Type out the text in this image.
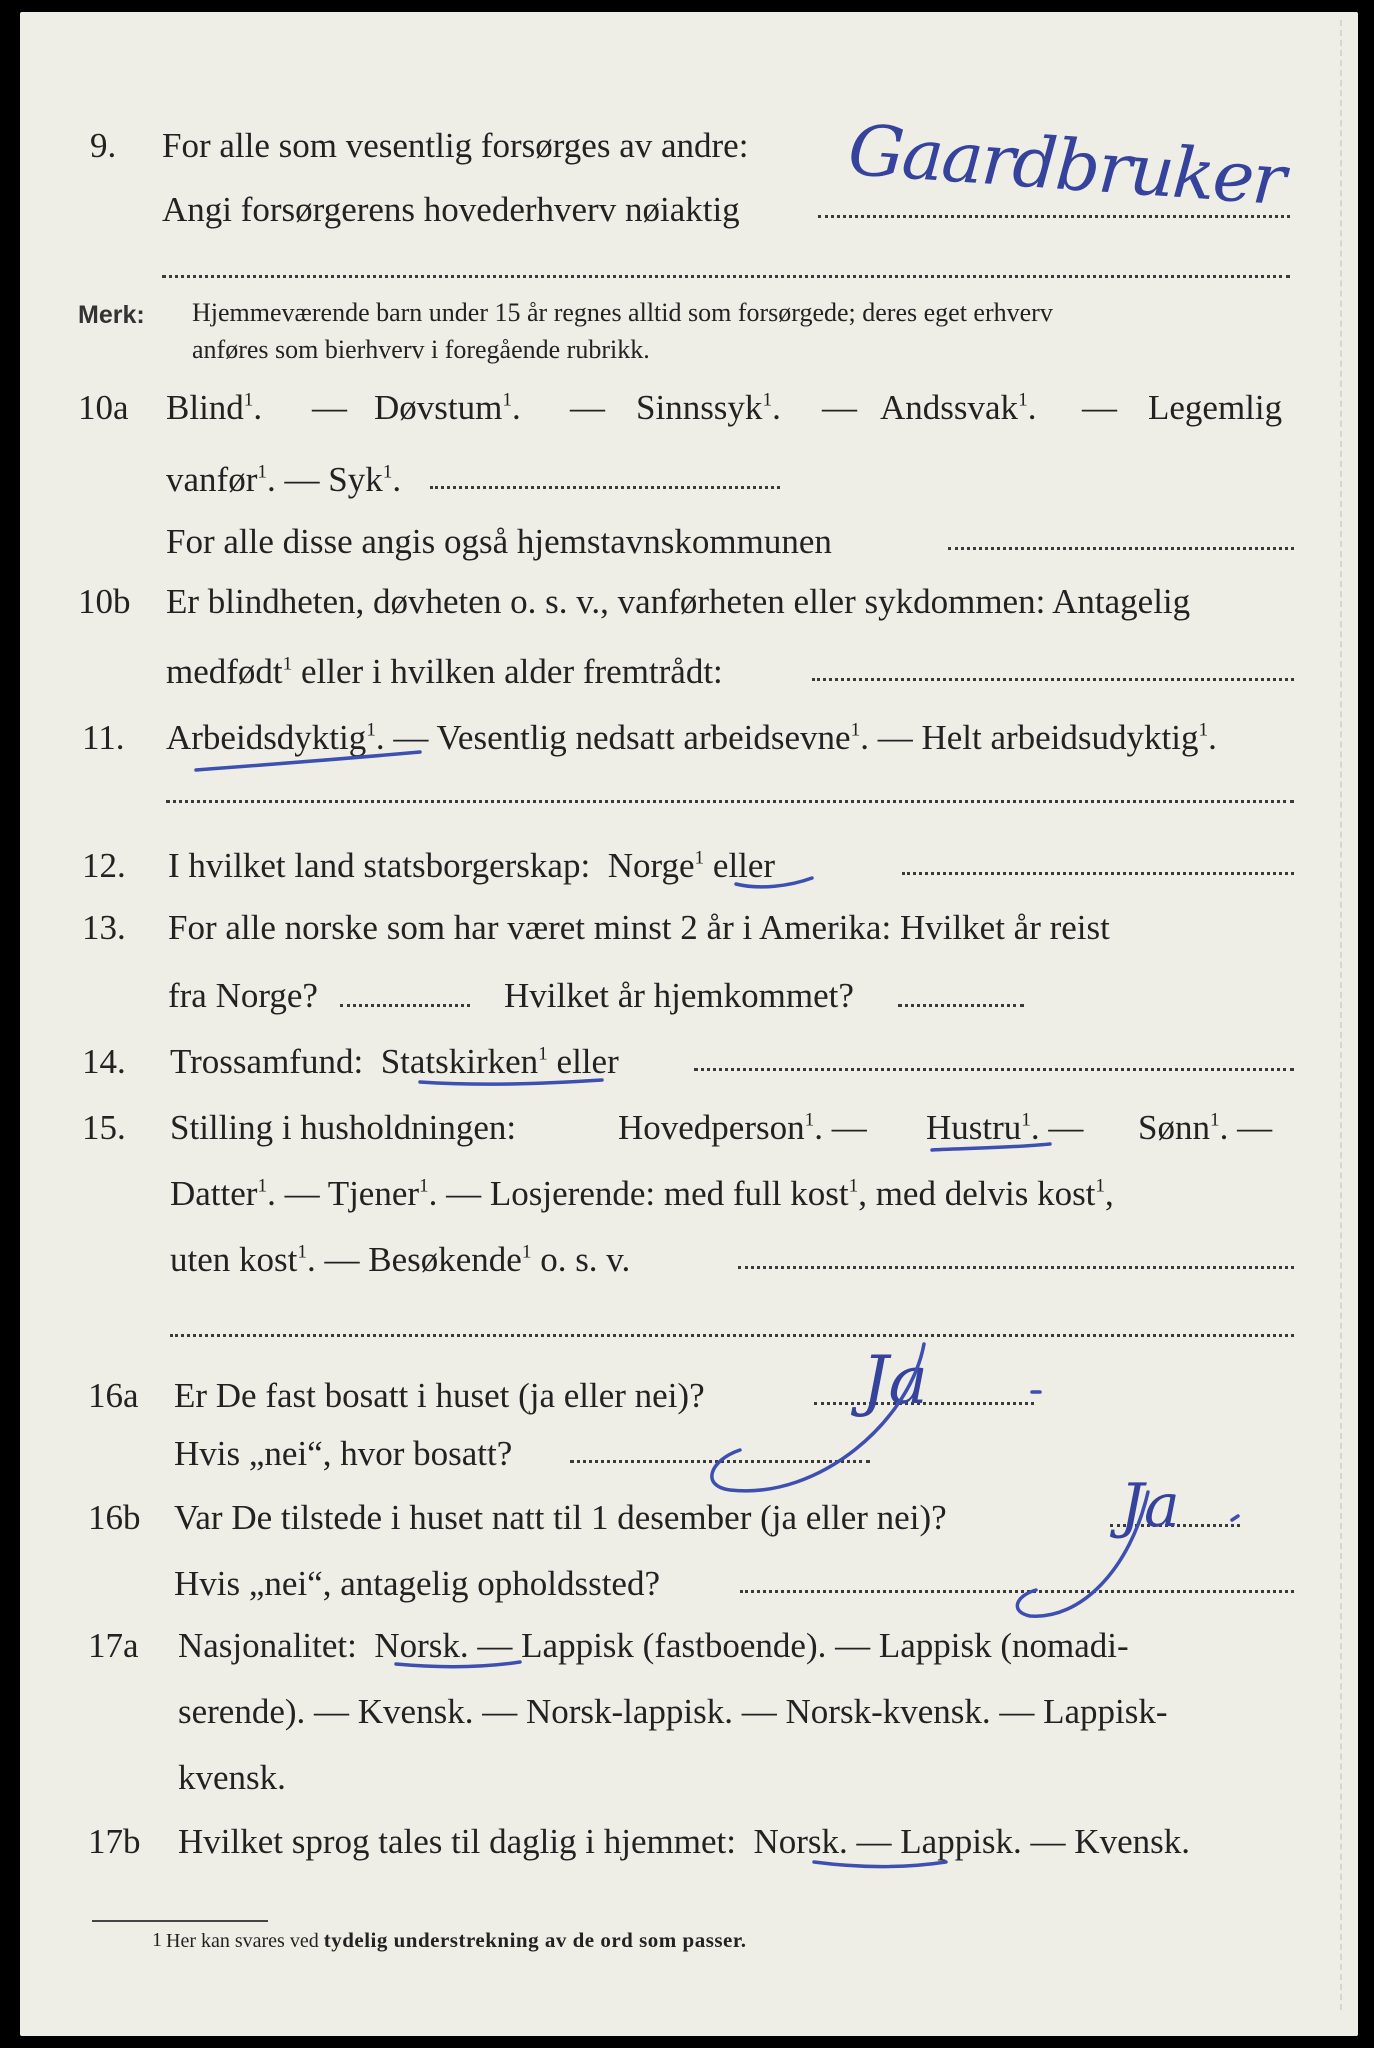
9. For alle som vesentlig forsørges av andre:
Angi forsørgerens hovederhverv nøiaktig Gaardbruker
Merk: Hjemmeværende barn under 15 år regnes alltid som forsørgede; deres eget erhverv
anføres som bierhverv i foregående rubrikk.
10a Blind$^1$. — Døvstum$^1$. — Sinnssyk$^1$. — Andssvak$^1$. — Legemlig
vanfør$^1$. — Syk$^1$.
For alle disse angis også hjemstavnskommunen
10b Er blindheten, døvheten o. s. v., vanførheten eller sykdommen: Antagelig
medfødt$^1$ eller i hvilken alder fremtrådt:
11. Arbeidsdyktig$^1$. — Vesentlig nedsatt arbeidsevne$^1$. — Helt arbeidsudyktig$^1$.
12. I hvilket land statsborgerskap: Norge$^1$ eller
13. For alle norske som har været minst 2 år i Amerika: Hvilket år reist
fra Norge?	Hvilket år hjemkommet?
14. Trossamfund: Statskirken$^1$ eller
15. Stilling i husholdningen:	Hovedperson$^1$. — Hustru$^1$. — Sønn$^1$. —
Datter$^1$. — Tjener$^1$. — Losjerende: med full kost$^1$, med delvis kost$^1$,
uten kost$^1$. — Besøkende$^1$ o. s. v.
16a Er De fast bosatt i huset (ja eller nei)?
Hvis „nei“, hvor bosatt?
Ja
16b Var De tilstede i huset natt til 1 desember (ja eller nei)?
Hvis „nei“, antagelig opholdssted?
Ja
17a Nasjonalitet: Norsk. — Lappisk (fastboende). — Lappisk (nomadi-
serende). — Kvensk. — Norsk-lappisk. — Norsk-kvensk. — Lappisk-
kvensk.
17b Hvilket sprog tales til daglig i hjemmet: Norsk. — Lappisk. — Kvensk.
1 Her kan svares ved tydelig understrekning av de ord som passer.
